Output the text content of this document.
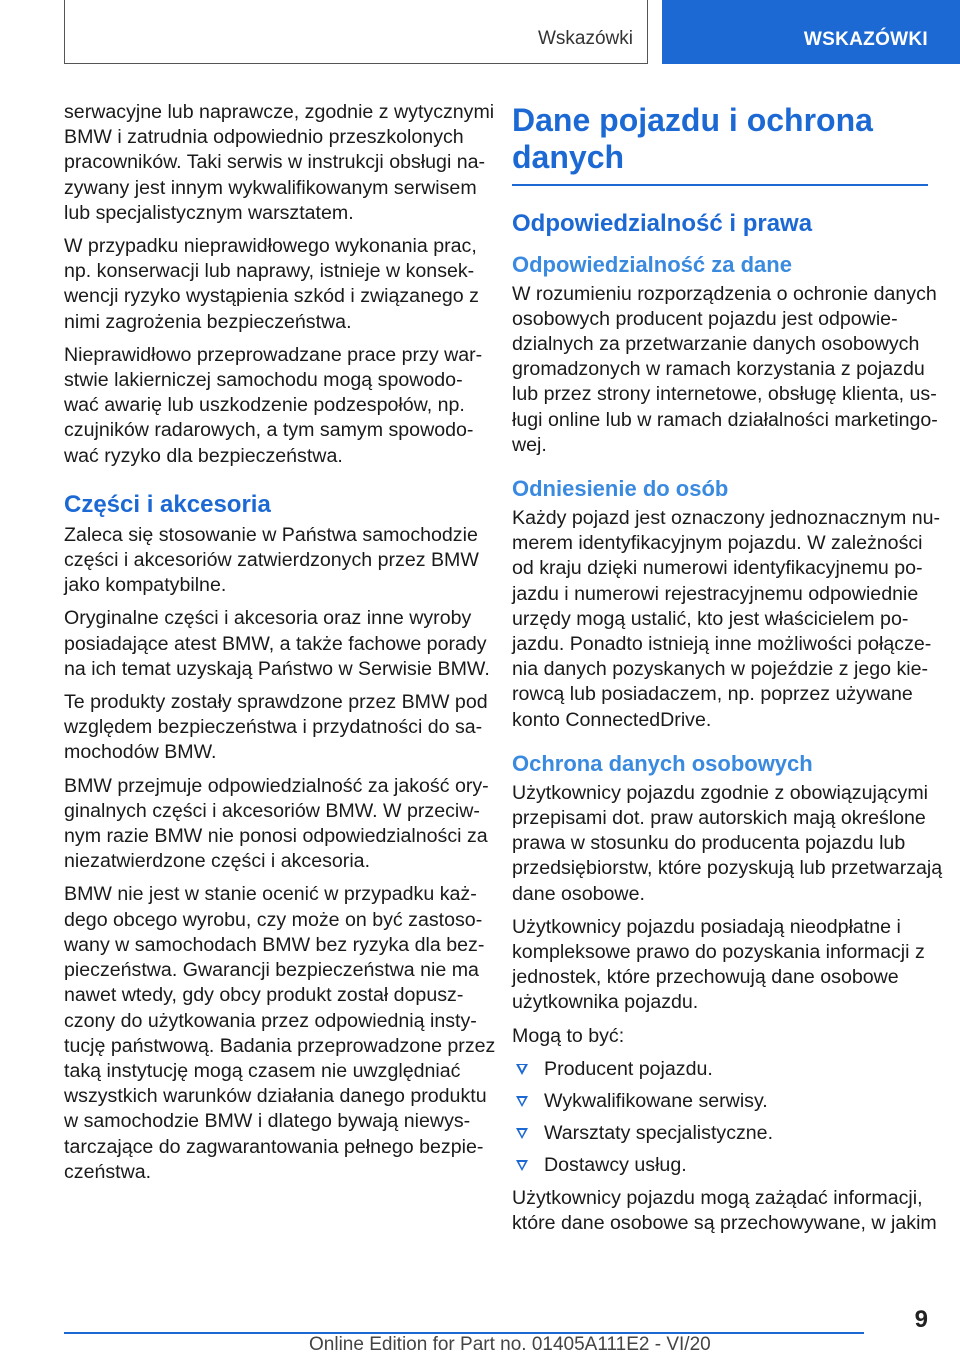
Wskazówki	WSKAZÓWKI
serwacyjne lub naprawcze, zgodnie z wytycznymi
BMW i zatrudnia odpowiednio przeszkolonych
pracowników. Taki serwis w instrukcji obsługi na-
zywany jest innym wykwalifikowanym serwisem
lub specjalistycznym warsztatem.
W przypadku nieprawidłowego wykonania prac,
np. konserwacji lub naprawy, istnieje w konsek-
wencji ryzyko wystąpienia szkód i związanego z
nimi zagrożenia bezpieczeństwa.
Nieprawidłowo przeprowadzane prace przy war-
stwie lakierniczej samochodu mogą spowodo-
wać awarię lub uszkodzenie podzespołów, np.
czujników radarowych, a tym samym spowodo-
wać ryzyko dla bezpieczeństwa.
Części i akcesoria
Zaleca się stosowanie w Państwa samochodzie
części i akcesoriów zatwierdzonych przez BMW
jako kompatybilne.
Oryginalne części i akcesoria oraz inne wyroby
posiadające atest BMW, a także fachowe porady
na ich temat uzyskają Państwo w Serwisie BMW.
Te produkty zostały sprawdzone przez BMW pod
względem bezpieczeństwa i przydatności do sa-
mochodów BMW.
BMW przejmuje odpowiedzialność za jakość ory-
ginalnych części i akcesoriów BMW. W przeciw-
nym razie BMW nie ponosi odpowiedzialności za
niezatwierdzone części i akcesoria.
BMW nie jest w stanie ocenić w przypadku każ-
dego obcego wyrobu, czy może on być zastoso-
wany w samochodach BMW bez ryzyka dla bez-
pieczeństwa. Gwarancji bezpieczeństwa nie ma
nawet wtedy, gdy obcy produkt został dopusz-
czony do użytkowania przez odpowiednią insty-
tucję państwową. Badania przeprowadzone przez
taką instytucję mogą czasem nie uwzględniać
wszystkich warunków działania danego produktu
w samochodzie BMW i dlatego bywają niewys-
tarczające do zagwarantowania pełnego bezpie-
czeństwa.
Dane pojazdu i ochrona
danych
Odpowiedzialność i prawa
Odpowiedzialność za dane
W rozumieniu rozporządzenia o ochronie danych
osobowych producent pojazdu jest odpowie-
dzialnych za przetwarzanie danych osobowych
gromadzonych w ramach korzystania z pojazdu
lub przez strony internetowe, obsługę klienta, us-
ługi online lub w ramach działalności marketingo-
wej.
Odniesienie do osób
Każdy pojazd jest oznaczony jednoznacznym nu-
merem identyfikacyjnym pojazdu. W zależności
od kraju dzięki numerowi identyfikacyjnemu po-
jazdu i numerowi rejestracyjnemu odpowiednie
urzędy mogą ustalić, kto jest właścicielem po-
jazdu. Ponadto istnieją inne możliwości połącze-
nia danych pozyskanych w pojeździe z jego kie-
rowcą lub posiadaczem, np. poprzez używane
konto ConnectedDrive.
Ochrona danych osobowych
Użytkownicy pojazdu zgodnie z obowiązującymi
przepisami dot. praw autorskich mają określone
prawa w stosunku do producenta pojazdu lub
przedsiębiorstw, które pozyskują lub przetwarzają
dane osobowe.
Użytkownicy pojazdu posiadają nieodpłatne i
kompleksowe prawo do pozyskania informacji z
jednostek, które przechowują dane osobowe
użytkownika pojazdu.
Mogą to być:
Producent pojazdu.
Wykwalifikowane serwisy.
Warsztaty specjalistyczne.
Dostawcy usług.
Użytkownicy pojazdu mogą zażądać informacji,
które dane osobowe są przechowywane, w jakim
9
Online Edition for Part no. 01405A111E2 - VI/20
